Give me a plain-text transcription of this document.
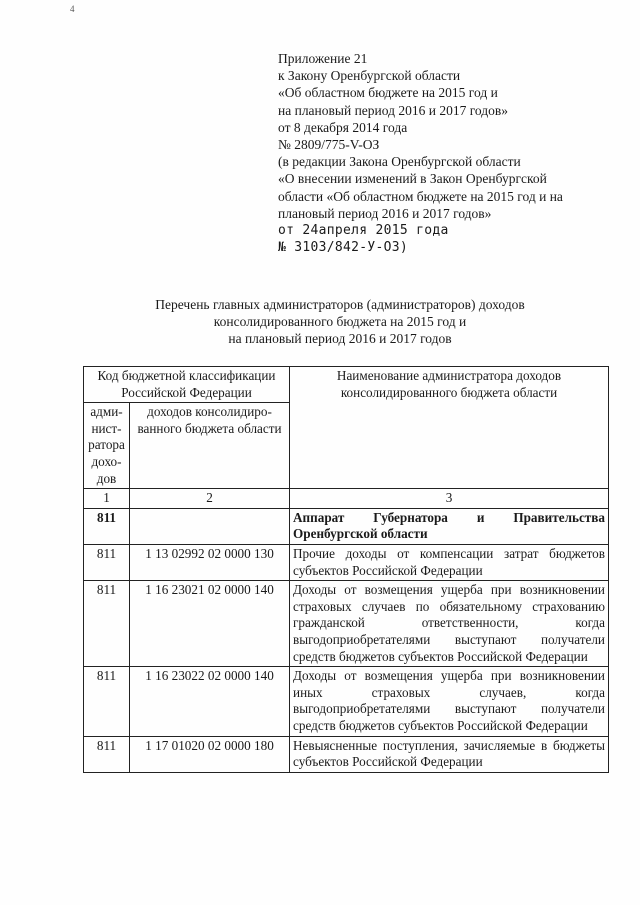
4
Приложение 21
к Закону Оренбургской области
«Об областном бюджете на 2015 год и
на плановый период 2016 и 2017 годов»
от 8 декабря 2014 года
№ 2809/775-V-ОЗ
(в редакции Закона Оренбургской области
«О внесении изменений в Закон Оренбургской
области «Об областном бюджете на 2015 год и на
плановый период 2016 и 2017 годов»
от 24апреля 2015 года
№ 3103/842-У-ОЗ)
Перечень главных администраторов (администраторов) доходов
консолидированного бюджета на 2015 год и
на плановый период 2016 и 2017 годов
Код бюджетной классификации Российской Федерации		Наименование администратора доходов консолидированного бюджета области
адми-нист-ратора дохо-дов	доходов консолидиро-ванного бюджета области	
1	2	3
811		Аппарат Губернатора и Правительства Оренбургской области
811	1 13 02992 02 0000 130	Прочие доходы от компенсации затрат бюджетов субъектов Российской Федерации
811	1 16 23021 02 0000 140	Доходы от возмещения ущерба при возникновении страховых случаев по обязательному страхованию гражданской ответственности, когда выгодоприобретателями выступают получатели средств бюджетов субъектов Российской Федерации
811	1 16 23022 02 0000 140	Доходы от возмещения ущерба при возникновении иных страховых случаев, когда выгодоприобретателями выступают получатели средств бюджетов субъектов Российской Федерации
811	1 17 01020 02 0000 180	Невыясненные поступления, зачисляемые в бюджеты субъектов Российской Федерации
